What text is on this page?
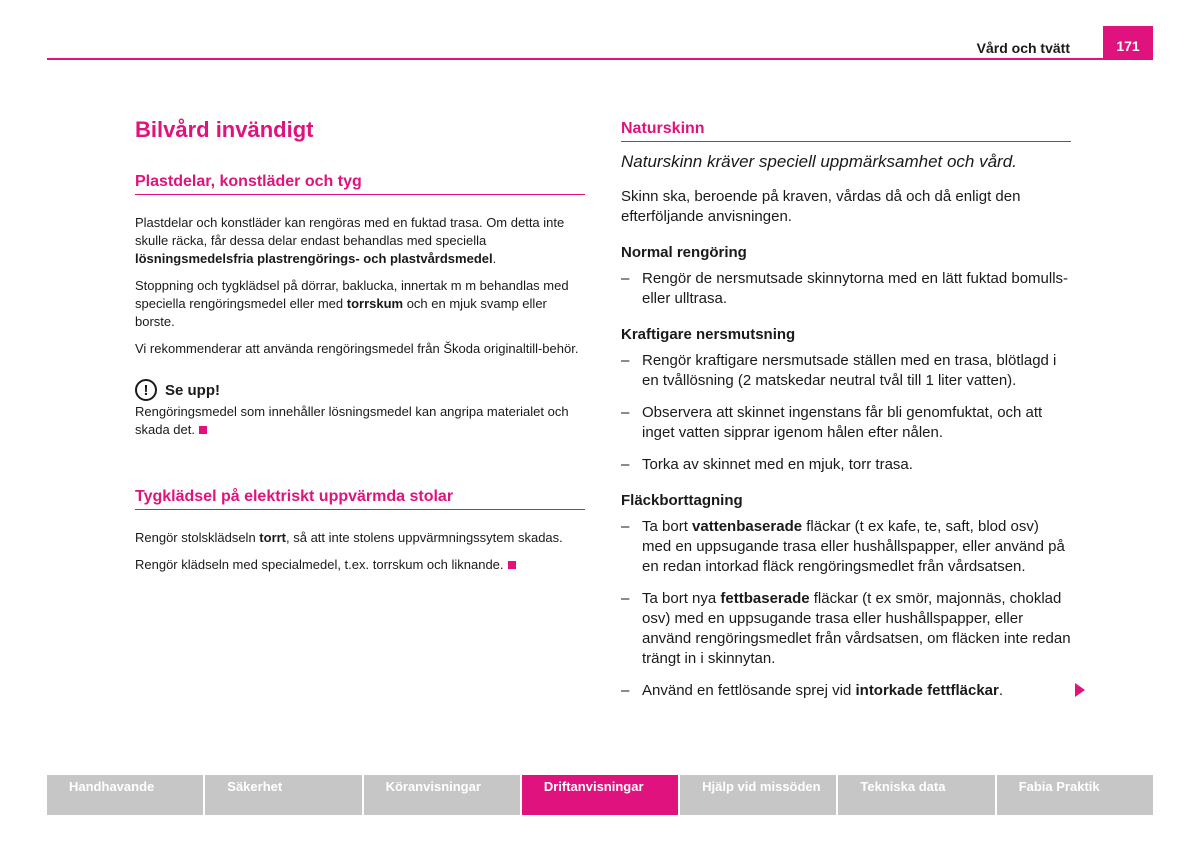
Vård och tvätt	171
Bilvård invändigt
Plastdelar, konstläder och tyg

Plastdelar och konstläder kan rengöras med en fuktad trasa. Om detta inte skulle räcka, får dessa delar endast behandlas med speciella lösningsmedelsfria plastrengörings- och plastvårdsmedel.

Stoppning och tygklädsel på dörrar, baklucka, innertak m m behandlas med speciella rengöringsmedel eller med torrskum och en mjuk svamp eller borste.

Vi rekommenderar att använda rengöringsmedel från Škoda originaltill-behör.

! Se upp!

Rengöringsmedel som innehåller lösningsmedel kan angripa materialet och skada det.

Tygklädsel på elektriskt uppvärmda stolar

Rengör stolsklädseln torrt, så att inte stolens uppvärmningssytem skadas.

Rengör klädseln med specialmedel, t.ex. torrskum och liknande.

Naturskinn

Naturskinn kräver speciell uppmärksamhet och vård.

Skinn ska, beroende på kraven, vårdas då och då enligt den efterföljande anvisningen.

Normal rengöring

– Rengör de nersmutsade skinnytorna med en lätt fuktad bomulls- eller ulltrasa.

Kraftigare nersmutsning

– Rengör kraftigare nersmutsade ställen med en trasa, blötlagd i en tvållösning (2 matskedar neutral tvål till 1 liter vatten).
– Observera att skinnet ingenstans får bli genomfuktat, och att inget vatten sipprar igenom hålen efter nålen.
– Torka av skinnet med en mjuk, torr trasa.

Fläckborttagning

– Ta bort vattenbaserade fläckar (t ex kafe, te, saft, blod osv) med en uppsugande trasa eller hushållspapper, eller använd på en redan intorkad fläck rengöringsmedlet från vårdsatsen.
– Ta bort nya fettbaserade fläckar (t ex smör, majonnäs, choklad osv) med en uppsugande trasa eller hushållspapper, eller använd rengöringsmedlet från vårdsatsen, om fläcken inte redan trängt in i skinnytan.
– Använd en fettlösande sprej vid intorkade fettfläckar.
Handhavande	Säkerhet	Köranvisningar	Driftanvisningar	Hjälp vid missöden	Tekniska data	Fabia Praktik
